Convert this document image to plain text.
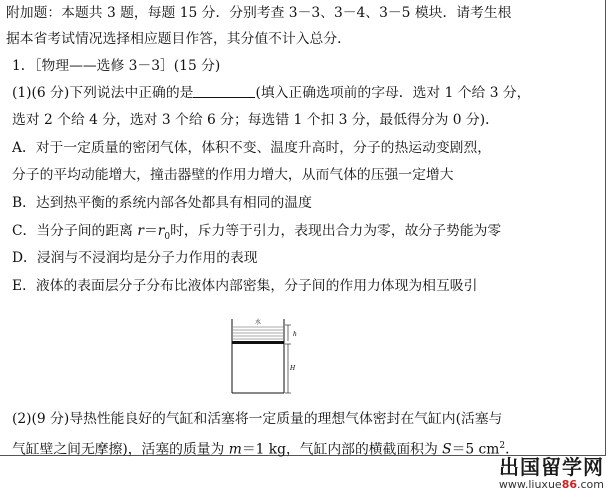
附加题：本题共 3 题，每题 15 分．分别考查 3－3、3－4、3－5 模块．请考生根
据本省考试情况选择相应题目作答，其分值不计入总分．
1．［物理——选修 3－3］(15 分)
(1)(6 分)下列说法中正确的是	(填入正确选项前的字母．选对 1 个给 3 分，
选对 2 个给 4 分，选对 3 个给 6 分；每选错 1 个扣 3 分，最低得分为 0 分)．
A．对于一定质量的密闭气体，体积不变、温度升高时，分子的热运动变剧烈，
分子的平均动能增大，撞击器壁的作用力增大，从而气体的压强一定增大
B．达到热平衡的系统内部各处都具有相同的温度
C．当分子间的距离 $r=r_0$时，斥力等于引力，表现出合力为零，故分子势能为零
D．浸润与不浸润均是分子力作用的表现
E．液体的表面层分子分布比液体内部密集，分子间的作用力体现为相互吸引
水
h
H
(2)(9 分)导热性能良好的气缸和活塞将一定质量的理想气体密封在气缸内(活塞与
气缸壁之间无摩擦)，活塞的质量为 m＝1 kg，气缸内部的横截面积为 S＝5 $cm^2$．
出国留学网
www.liuxue86.com
